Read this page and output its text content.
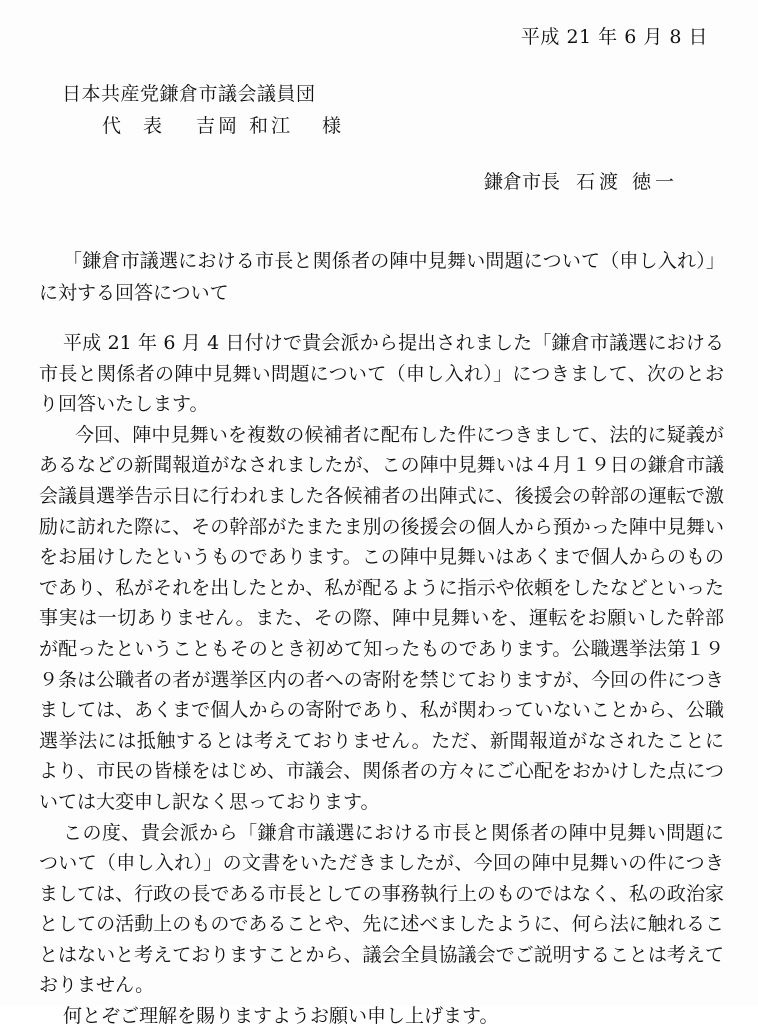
平成 21 年 6 月 8 日
日本共産党鎌倉市議会議員団
代 表 吉岡 和江 様
鎌倉市長 石渡 徳一
「鎌倉市議選における市長と関係者の陣中見舞い問題について（申し入れ）」
に対する回答について

平成 21 年 6 月 4 日付けで貴会派から提出されました「鎌倉市議選における市長と関係者の陣中見舞い問題について（申し入れ）」につきまして、次のとおり回答いたします。

今回、陣中見舞いを複数の候補者に配布した件につきまして、法的に疑義があるなどの新聞報道がなされましたが、この陣中見舞いは４月１９日の鎌倉市議会議員選挙告示日に行われました各候補者の出陣式に、後援会の幹部の運転で激励に訪れた際に、その幹部がたまたま別の後援会の個人から預かった陣中見舞いをお届けしたというものであります。この陣中見舞いはあくまで個人からのものであり、私がそれを出したとか、私が配るように指示や依頼をしたなどといった事実は一切ありません。また、その際、陣中見舞いを、運転をお願いした幹部が配ったということもそのとき初めて知ったものであります。公職選挙法第１９９条は公職者の者が選挙区内の者への寄附を禁じておりますが、今回の件につきましては、あくまで個人からの寄附であり、私が関わっていないことから、公職選挙法には抵触するとは考えておりません。ただ、新聞報道がなされたことにより、市民の皆様をはじめ、市議会、関係者の方々にご心配をおかけした点については大変申し訳なく思っております。

この度、貴会派から「鎌倉市議選における市長と関係者の陣中見舞い問題について（申し入れ）」の文書をいただきましたが、今回の陣中見舞いの件につきましては、行政の長である市長としての事務執行上のものではなく、私の政治家としての活動上のものであることや、先に述べましたように、何ら法に触れることはないと考えておりますことから、議会全員協議会でご説明することは考えておりません。

何とぞご理解を賜りますようお願い申し上げます。
